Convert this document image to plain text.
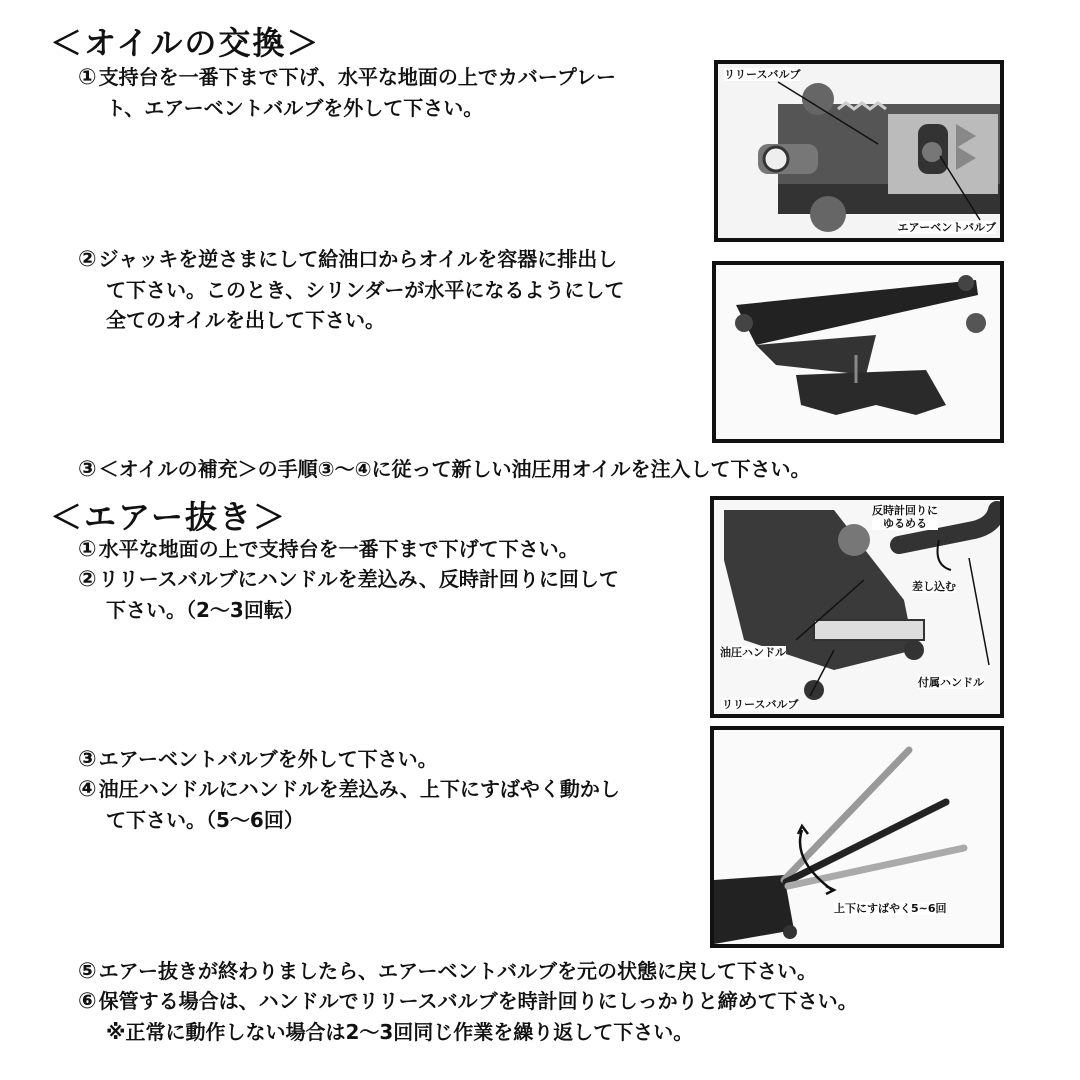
＜オイルの交換＞
① 支持台を一番下まで下げ、水平な地面の上でカバープレー
ト、エアーベントバルブを外して下さい。
リリースバルブ
エアーベントバルブ
② ジャッキを逆さまにして給油口からオイルを容器に排出し
て下さい。このとき、シリンダーが水平になるようにして
全てのオイルを出して下さい。
③ ＜オイルの補充＞の手順③～④に従って新しい油圧用オイルを注入して下さい。
＜エアー抜き＞
① 水平な地面の上で支持台を一番下まで下げて下さい。
② リリースバルブにハンドルを差込み、反時計回りに回して
下さい。（2～3回転）
反時計回りに
ゆるめる
差し込む
油圧ハンドル
付属ハンドル
リリースバルブ
③ エアーベントバルブを外して下さい。
④ 油圧ハンドルにハンドルを差込み、上下にすばやく動かし
て下さい。（5～6回）
上下にすばやく5~6回
⑤ エアー抜きが終わりましたら、エアーベントバルブを元の状態に戻して下さい。
⑥ 保管する場合は、ハンドルでリリースバルブを時計回りにしっかりと締めて下さい。
※正常に動作しない場合は2～3回同じ作業を繰り返して下さい。
